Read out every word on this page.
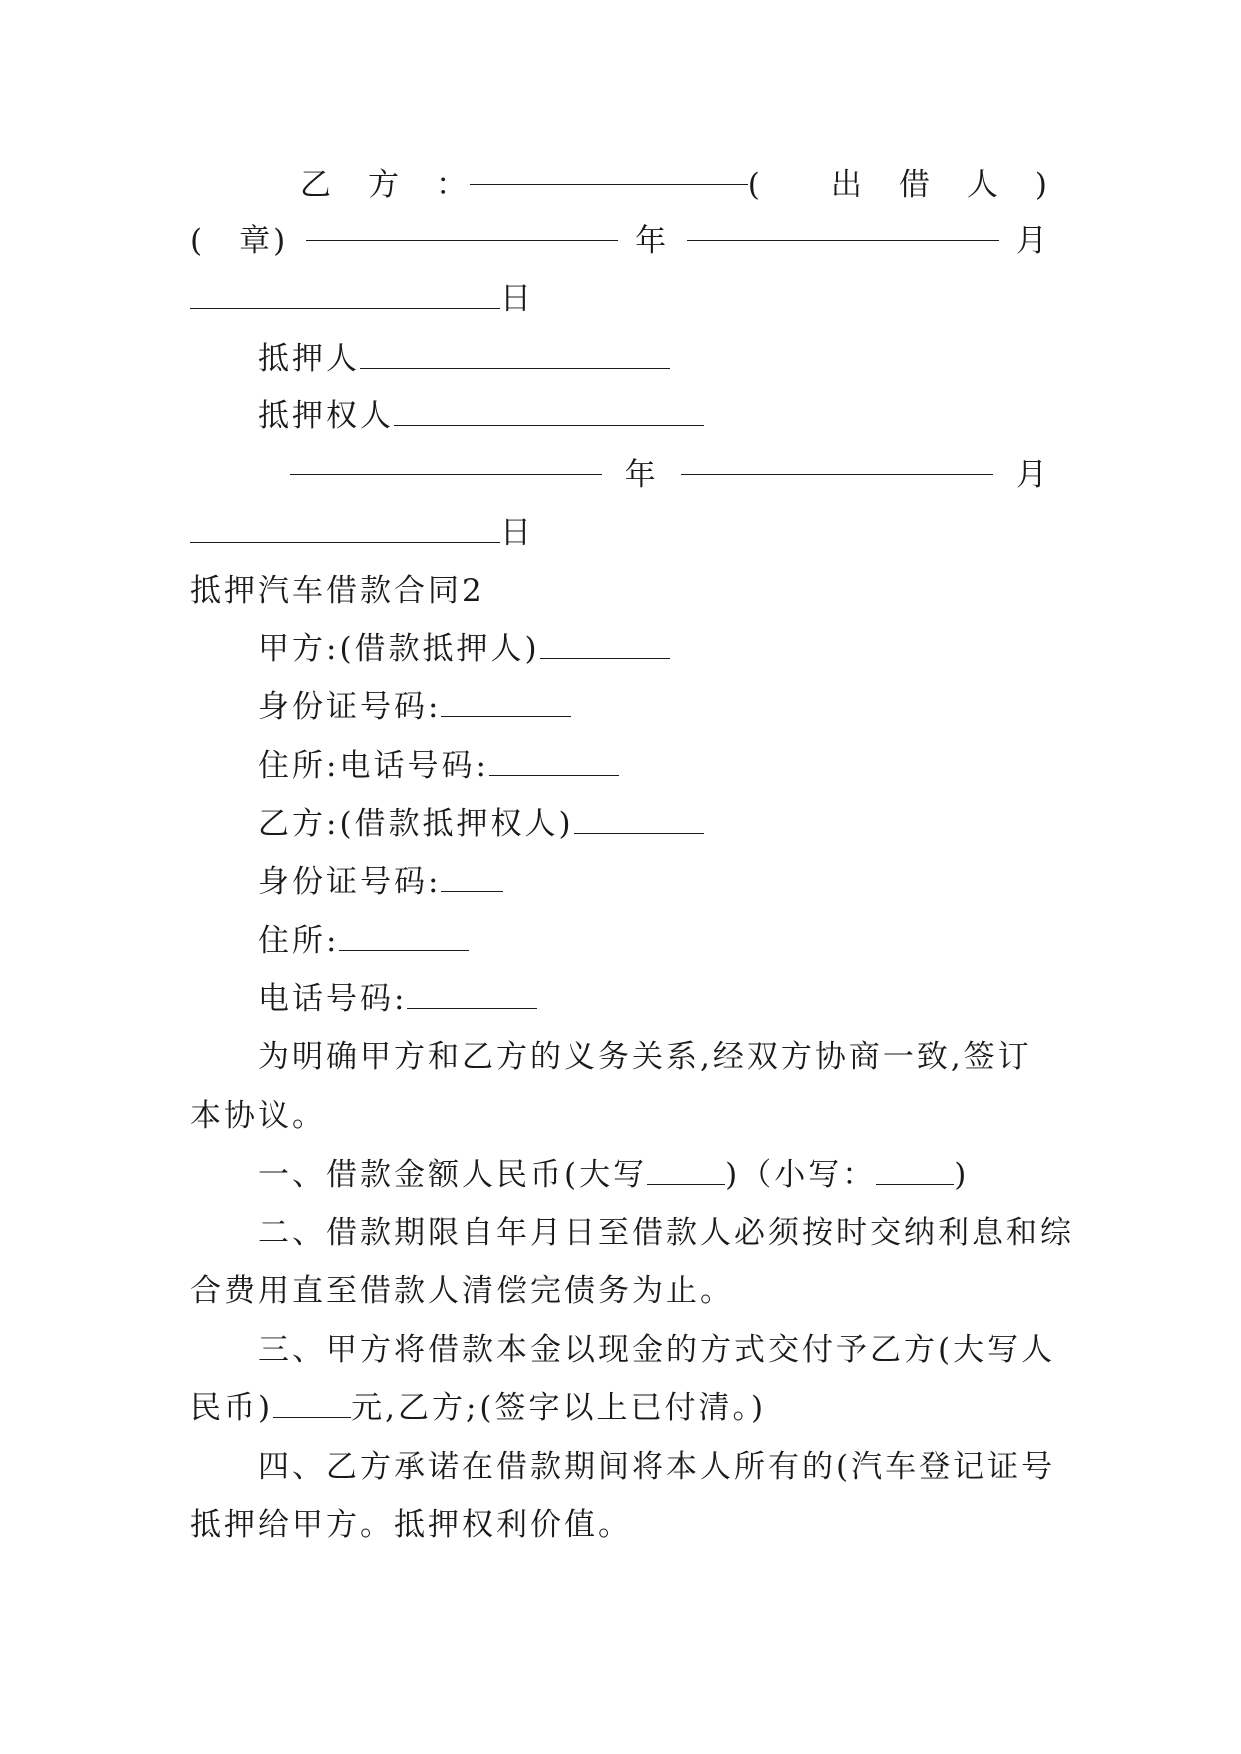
乙　方　：	(　　出　借　人　)
(　章)	年	月
日
抵押人
抵押权人
年	月
日
抵押汽车借款合同2
甲方:(借款抵押人)
身份证号码:
住所:电话号码:
乙方:(借款抵押权人)
身份证号码:
住所:
电话号码:
为明确甲方和乙方的义务关系,经双方协商一致,签订
本协议。
一、借款金额人民币(大写	)（小写：	)
二、借款期限自年月日至借款人必须按时交纳利息和综
合费用直至借款人清偿完债务为止。
三、甲方将借款本金以现金的方式交付予乙方(大写人
民币)	元,乙方;(签字以上已付清。)
四、乙方承诺在借款期间将本人所有的(汽车登记证号
抵押给甲方。抵押权利价值。
